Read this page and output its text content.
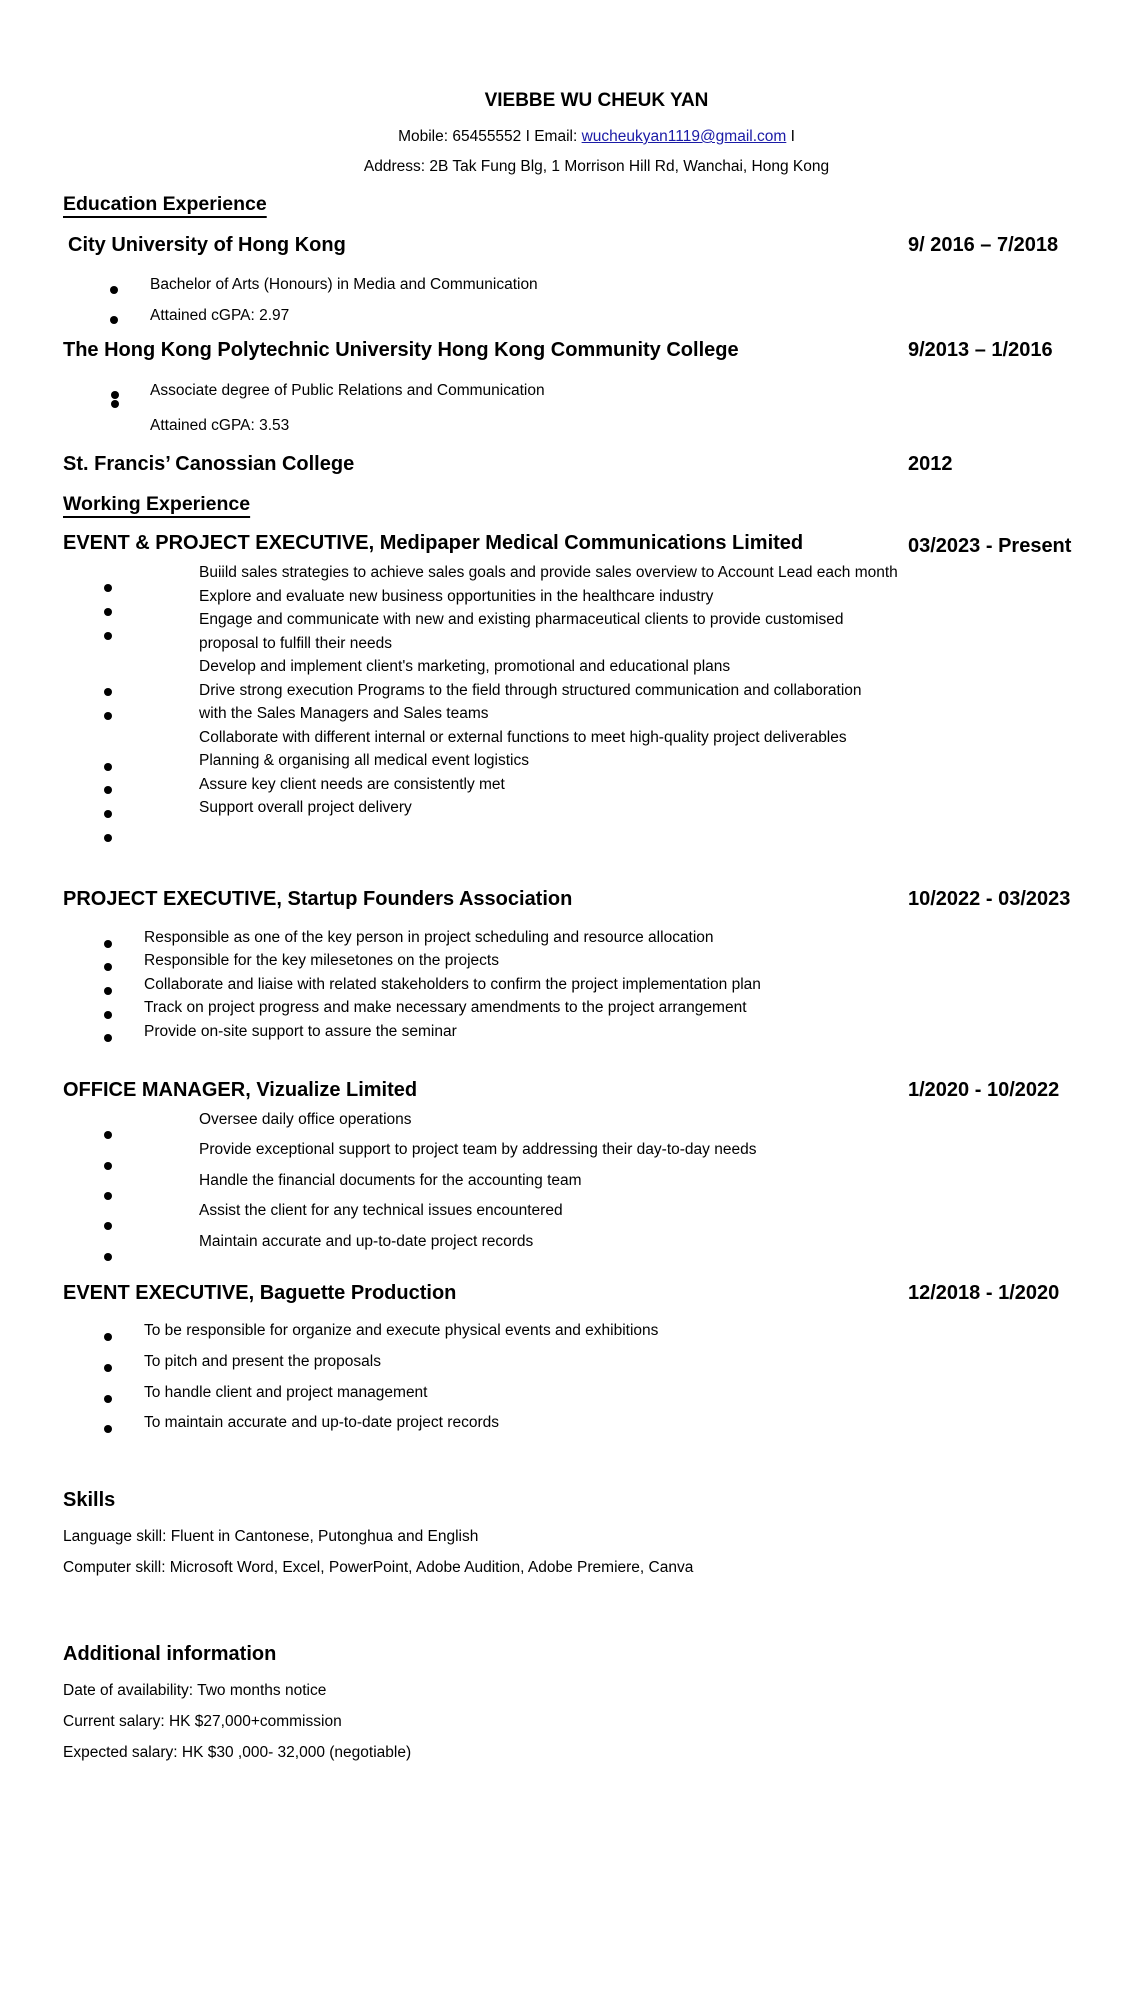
VIEBBE WU CHEUK YAN
Mobile: 65455552 I Email: wucheukyan1119@gmail.com I
Address: 2B Tak Fung Blg, 1 Morrison Hill Rd, Wanchai, Hong Kong
Education Experience
City University of Hong Kong	9/ 2016 – 7/2018
Bachelor of Arts (Honours) in Media and Communication
Attained cGPA: 2.97
The Hong Kong Polytechnic University Hong Kong Community College	9/2013 – 1/2016
Associate degree of Public Relations and Communication
Attained cGPA: 3.53
St. Francis’ Canossian College	2012
Working Experience
EVENT & PROJECT EXECUTIVE, Medipaper Medical Communications Limited	03/2023 - Present
Buiild sales strategies to achieve sales goals and provide sales overview to Account Lead each month
Explore and evaluate new business opportunities in the healthcare industry
Engage and communicate with new and existing pharmaceutical clients to provide customised
proposal to fulfill their needs
Develop and implement client's marketing, promotional and educational plans
Drive strong execution Programs to the field through structured communication and collaboration
with the Sales Managers and Sales teams
Collaborate with different internal or external functions to meet high-quality project deliverables
Planning & organising all medical event logistics
Assure key client needs are consistently met
Support overall project delivery
PROJECT EXECUTIVE, Startup Founders Association	10/2022 - 03/2023
Responsible as one of the key person in project scheduling and resource allocation
Responsible for the key milesetones on the projects
Collaborate and liaise with related stakeholders to confirm the project implementation plan
Track on project progress and make necessary amendments to the project arrangement
Provide on-site support to assure the seminar
OFFICE MANAGER, Vizualize Limited	1/2020 - 10/2022
Oversee daily office operations
Provide exceptional support to project team by addressing their day-to-day needs
Handle the financial documents for the accounting team
Assist the client for any technical issues encountered
Maintain accurate and up-to-date project records
EVENT EXECUTIVE, Baguette Production	12/2018 - 1/2020
To be responsible for organize and execute physical events and exhibitions
To pitch and present the proposals
To handle client and project management
To maintain accurate and up-to-date project records
Skills
Language skill: Fluent in Cantonese, Putonghua and English
Computer skill: Microsoft Word, Excel, PowerPoint, Adobe Audition, Adobe Premiere, Canva
Additional information
Date of availability: Two months notice
Current salary: HK $27,000+commission
Expected salary: HK $30 ,000- 32,000 (negotiable)
